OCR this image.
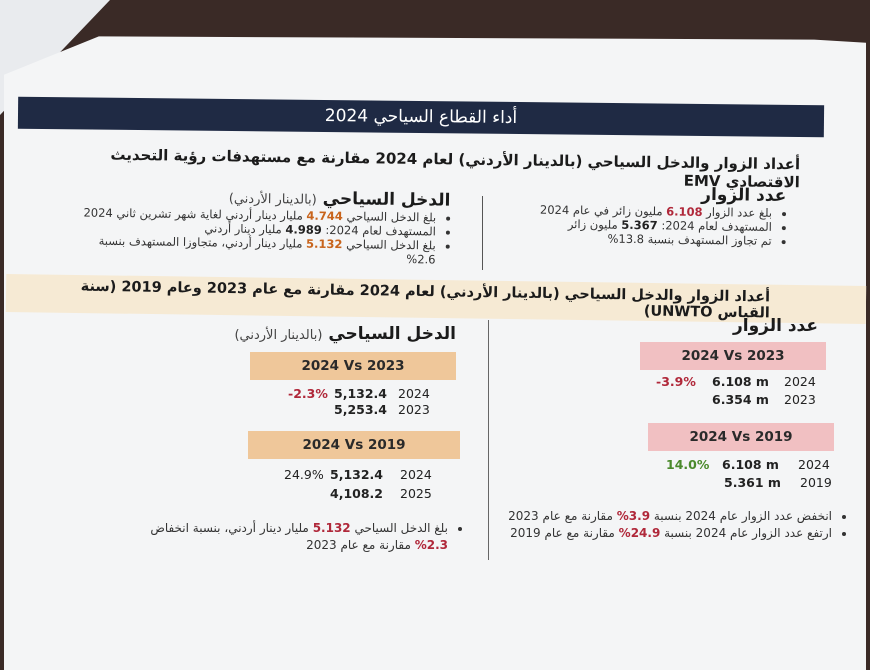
أداء القطاع السياحي 2024
أعداد الزوار والدخل السياحي (بالدينار الأردني) لعام 2024 مقارنة مع مستهدفات رؤية التحديث الاقتصادي EMV
عدد الزوار
• بلغ عدد الزوار 6.108 مليون زائر في عام 2024
• المستهدف لعام 2024: 5.367 مليون زائر
• تم تجاوز المستهدف بنسبة 13.8%
الدخل السياحي (بالدينار الأردني)
• بلغ الدخل السياحي 4.744 مليار دينار أردني لغاية شهر تشرين ثاني 2024
• المستهدف لعام 2024: 4.989 مليار دينار أردني
• بلغ الدخل السياحي 5.132 مليار دينار أردني، متجاوزا المستهدف بنسبة 2.6%
أعداد الزوار والدخل السياحي (بالدينار الأردني) لعام 2024 مقارنة مع عام 2023 وعام 2019 (سنة القياس UNWTO)
عدد الزوار
2024 Vs 2023
-3.9%	6.108 m	2024
6.354 m	2023
2024 Vs 2019
14.0%	6.108 m	2024
5.361 m	2019
• انخفض عدد الزوار عام 2024 بنسبة 3.9% مقارنة مع عام 2023
• ارتفع عدد الزوار عام 2024 بنسبة 24.9% مقارنة مع عام 2019
الدخل السياحي (بالدينار الأردني)
2024 Vs 2023
-2.3% 5,132.4 2024
5,253.4 2023
2024 Vs 2019
24.9% 5,132.4	2024
4,108.2	2025
• بلغ الدخل السياحي 5.132 مليار دينار أردني، بنسبة انخفاض 2.3% مقارنة مع عام 2023
